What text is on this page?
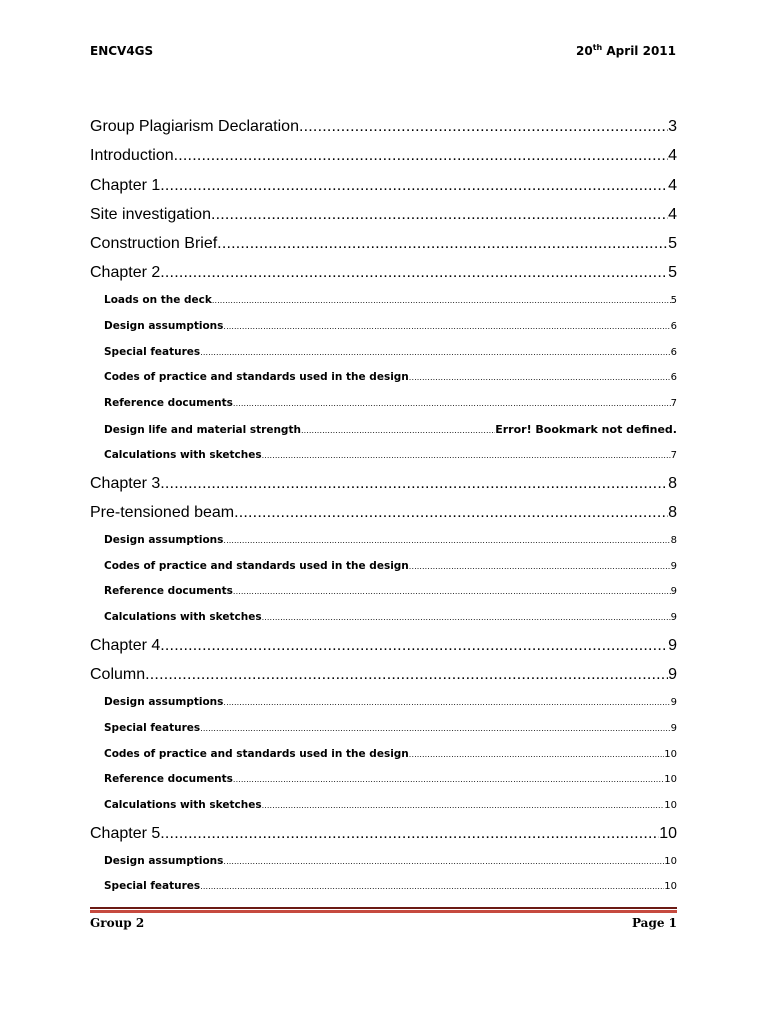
ENCV4GS	20th April 2011
Group Plagiarism Declaration .....	3
Introduction .....	4
Chapter 1 .....	4
Site investigation .....	4
Construction Brief .....	5
Chapter 2 .....	5
Loads on the deck .....	5
Design assumptions .....	6
Special features .....	6
Codes of practice and standards used in the design .....	6
Reference documents .....	7
Design life and material strength .....	Error! Bookmark not defined.
Calculations with sketches .....	7
Chapter 3 .....	8
Pre-tensioned beam .....	8
Design assumptions .....	8
Codes of practice and standards used in the design .....	9
Reference documents .....	9
Calculations with sketches .....	9
Chapter 4 .....	9
Column .....	9
Design assumptions .....	9
Special features .....	9
Codes of practice and standards used in the design .....	10
Reference documents .....	10
Calculations with sketches .....	10
Chapter 5 .....	10
Design assumptions .....	10
Special features .....	10
Group 2	Page 1
